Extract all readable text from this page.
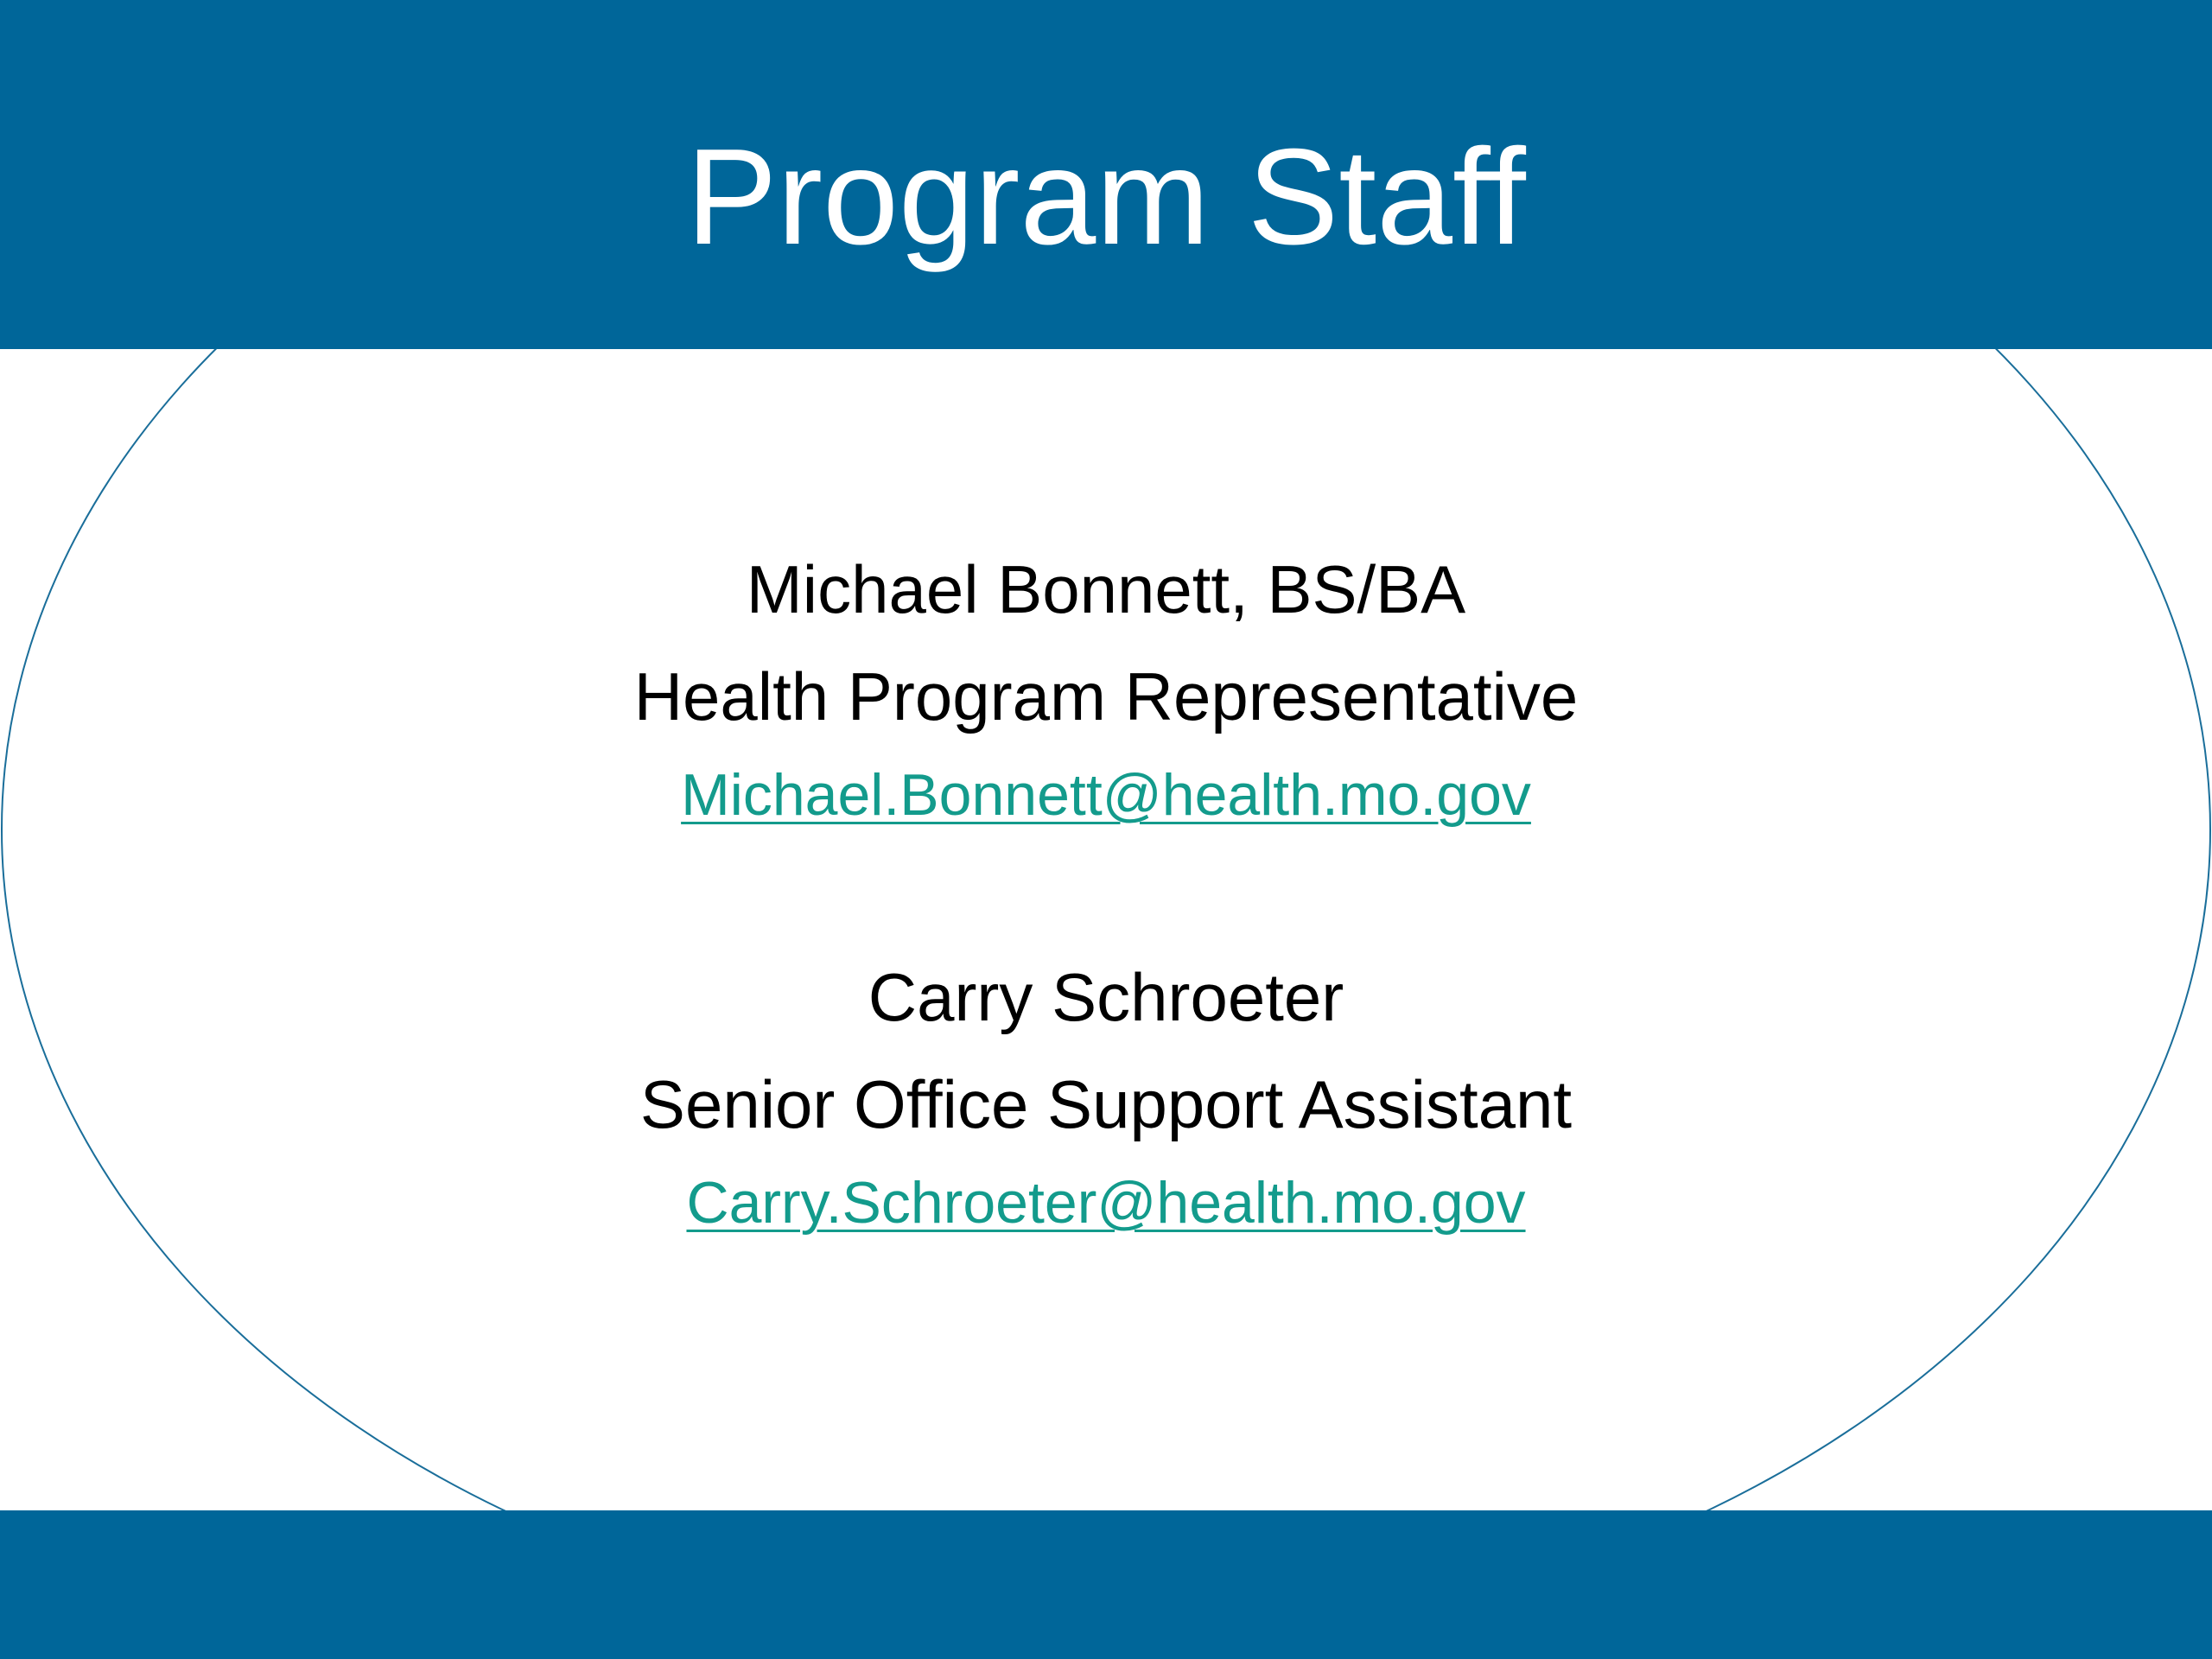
Program Staff
Michael Bonnett, BS/BA
Health Program Representative
Michael.Bonnett@health.mo.gov
Carry Schroeter
Senior Office Support Assistant
Carry.Schroeter@health.mo.gov
